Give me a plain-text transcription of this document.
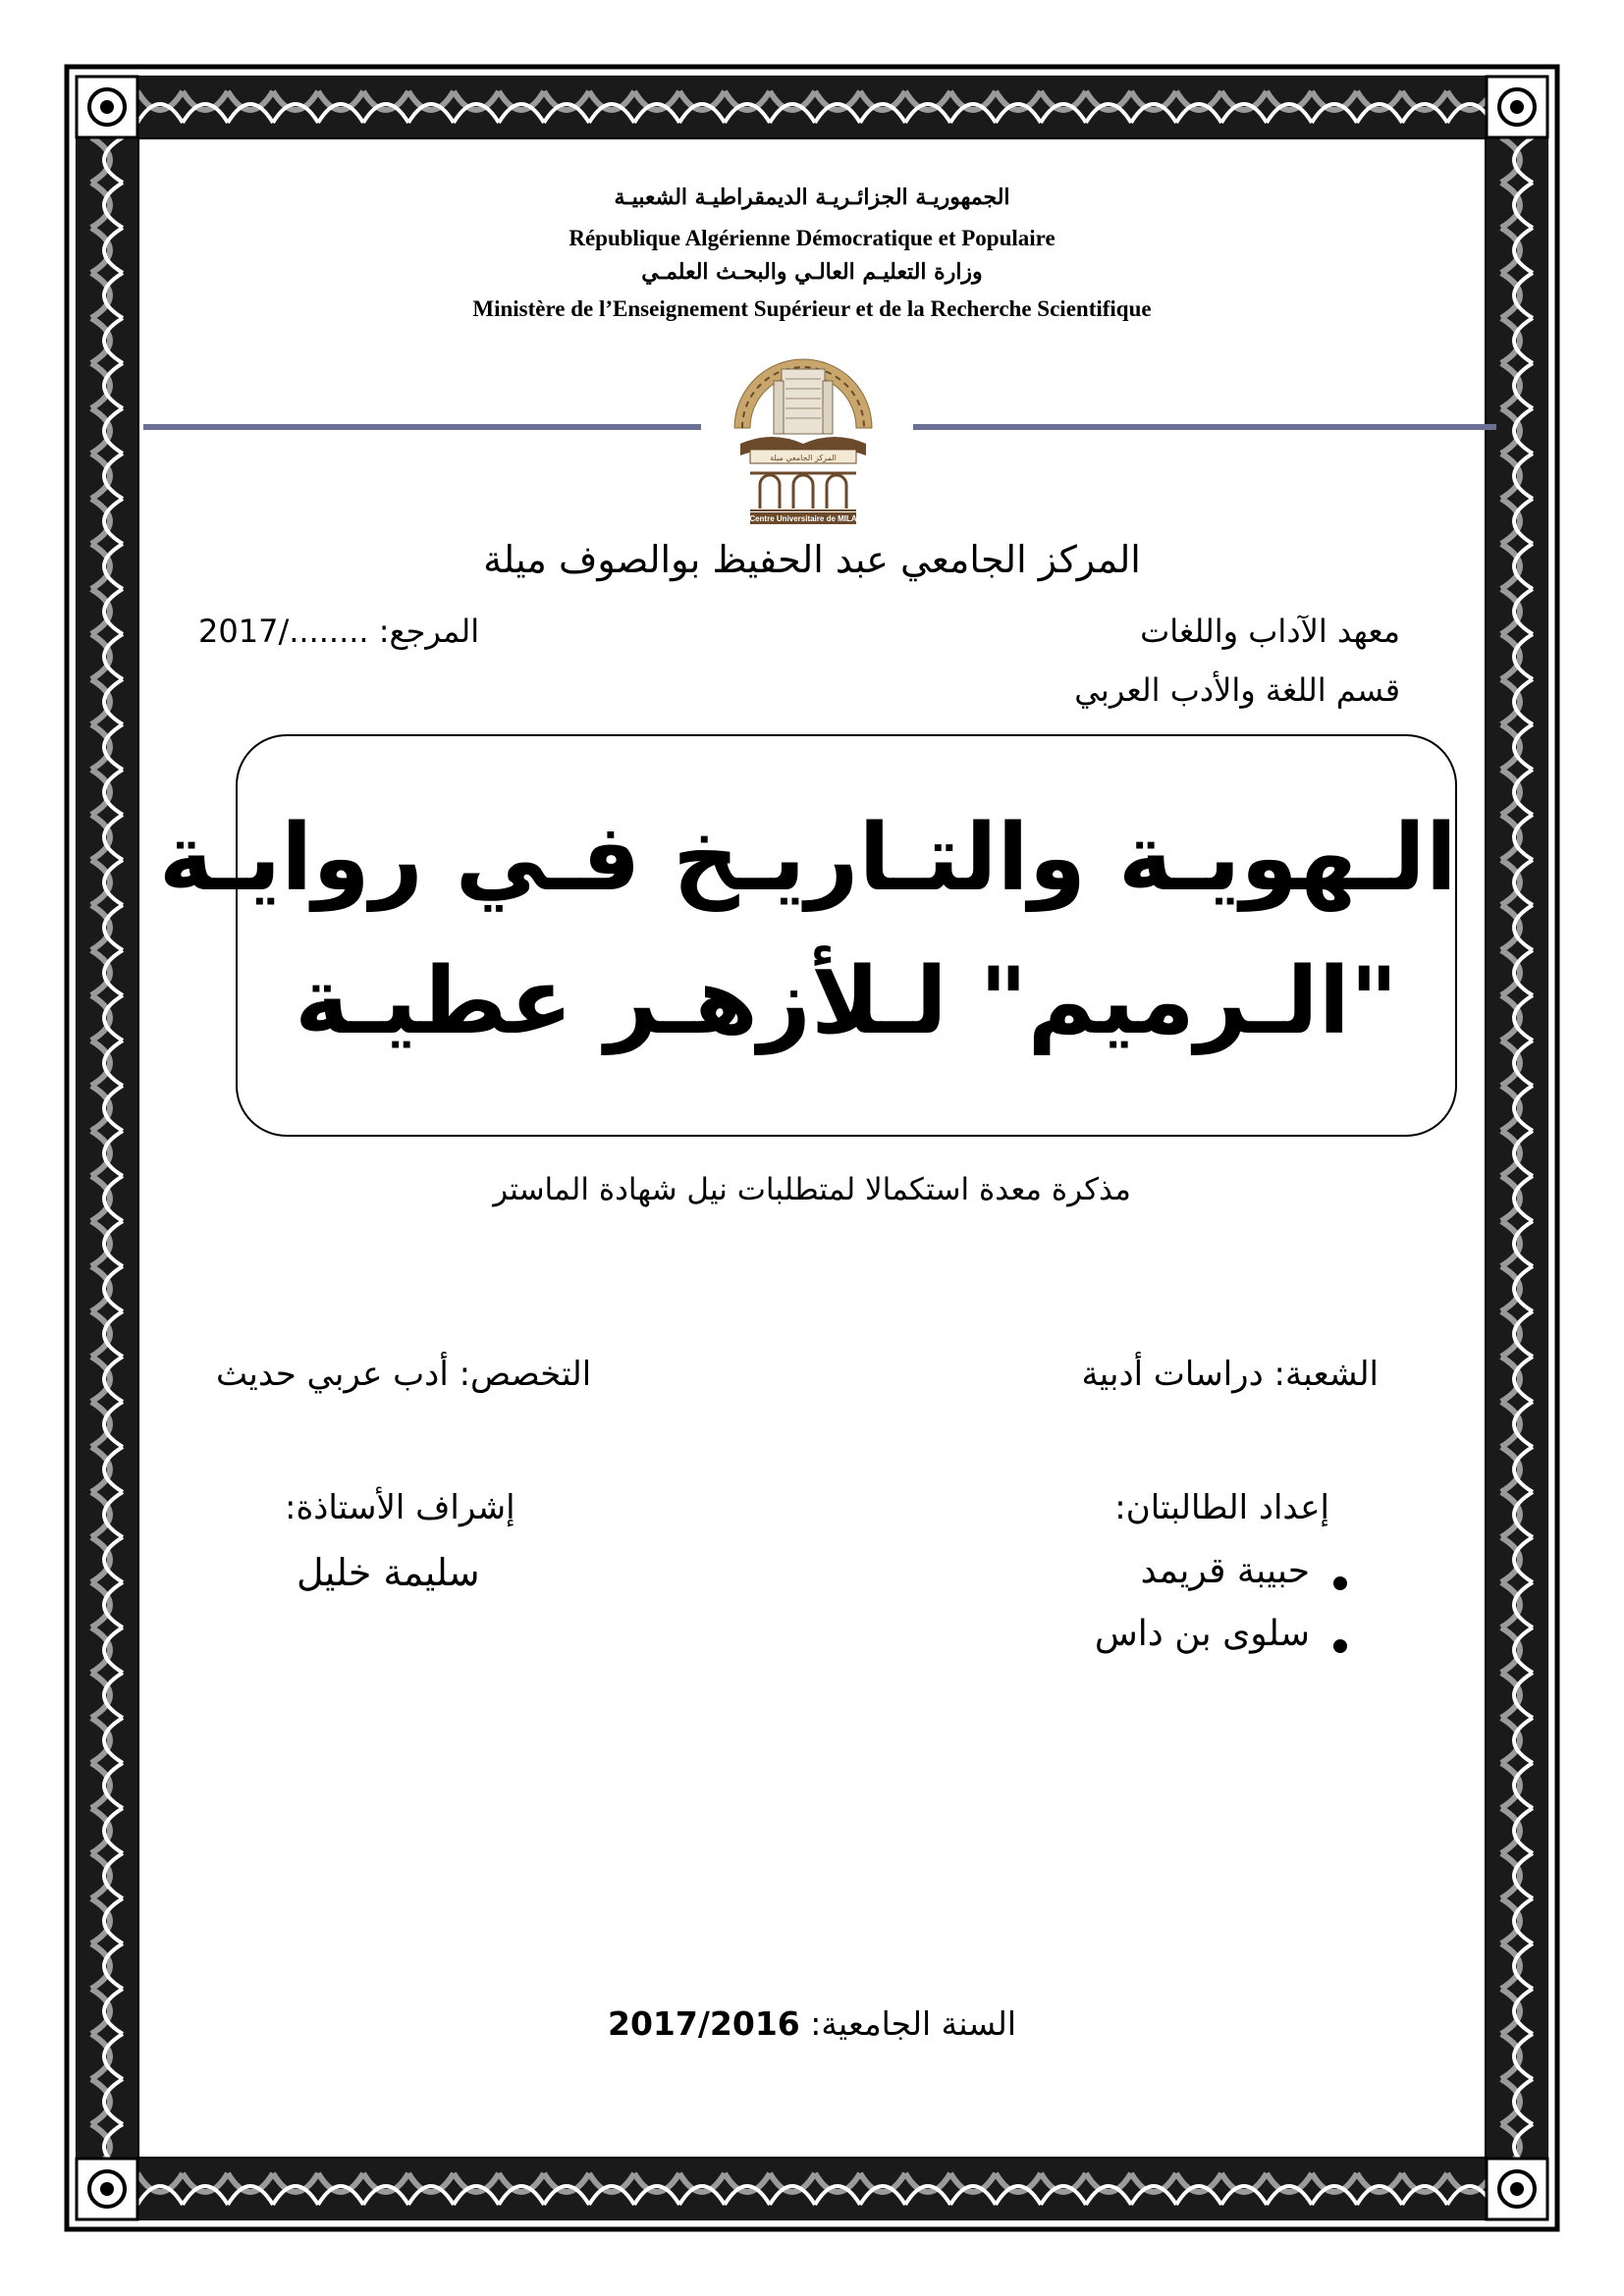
الجمهوريـة الجزائـريـة الديمقراطيـة الشعبيـة
République Algérienne Démocratique et Populaire
وزارة التعليـم العالـي والبحـث العلمـي
Ministère de l’Enseignement Supérieur et de la Recherche Scientifique
المركز الجامعي ميلة
Centre Universitaire de MILA
المركز الجامعي عبد الحفيظ بوالصوف ميلة
معهد الآداب واللغات
قسم اللغة والأدب العربي
المرجع: ......../2017
الـهويـة والتـاريـخ فـي روايـة
"الـرميم" لـلأزهـر عطيـة
مذكرة معدة استكمالا لمتطلبات نيل شهادة الماستر
الشعبة: دراسات أدبية
التخصص: أدب عربي حديث
إعداد الطالبتان:
إشراف الأستاذة:
سليمة خليل	حبيبة قريمد
سلوى بن داس
السنة الجامعية: 2017/2016
